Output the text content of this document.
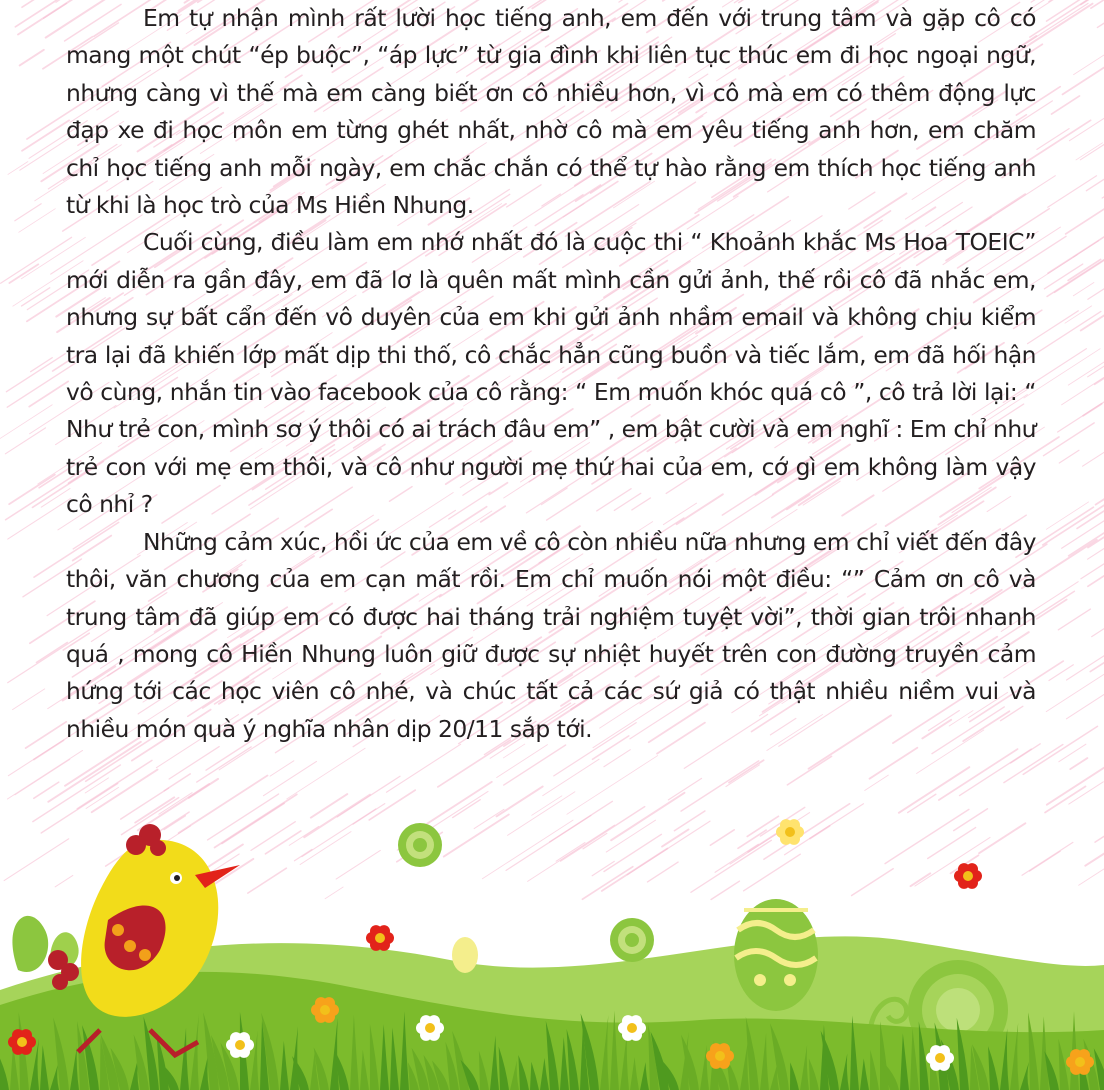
Em tự nhận mình rất lười học tiếng anh, em đến với trung tâm và gặp cô có mang một chút “ép buộc”, “áp lực” từ gia đình khi liên tục thúc em đi học ngoại ngữ, nhưng càng vì thế mà em càng biết ơn cô nhiều hơn, vì cô mà em có thêm động lực đạp xe đi học môn em từng ghét nhất, nhờ cô mà em yêu tiếng anh hơn, em chăm chỉ học tiếng anh mỗi ngày, em chắc chắn có thể tự hào rằng em thích học tiếng anh từ khi là học trò của Ms Hiền Nhung.

Cuối cùng, điều làm em nhớ nhất đó là cuộc thi “ Khoảnh khắc Ms Hoa TOEIC” mới diễn ra gần đây, em đã lơ là quên mất mình cần gửi ảnh, thế rồi cô đã nhắc em, nhưng sự bất cẩn đến vô duyên của em khi gửi ảnh nhầm email và không chịu kiểm tra lại đã khiến lớp mất dịp thi thố, cô chắc hẳn cũng buồn và tiếc lắm, em đã hối hận vô cùng, nhắn tin vào facebook của cô rằng: “ Em muốn khóc quá cô ”, cô trả lời lại: “ Như trẻ con, mình sơ ý thôi có ai trách đâu em” , em bật cười và em nghĩ : Em chỉ như trẻ con với mẹ em thôi, và cô như người mẹ thứ hai của em, cớ gì em không làm vậy cô nhỉ ?

Những cảm xúc, hồi ức của em về cô còn nhiều nữa nhưng em chỉ viết đến đây thôi, văn chương của em cạn mất rồi. Em chỉ muốn nói một điều: “” Cảm ơn cô và trung tâm đã giúp em có được hai tháng trải nghiệm tuyệt vời”, thời gian trôi nhanh quá , mong cô Hiền Nhung luôn giữ được sự nhiệt huyết trên con đường truyền cảm hứng tới các học viên cô nhé, và chúc tất cả các sứ giả có thật nhiều niềm vui và nhiều món quà ý nghĩa nhân dịp 20/11 sắp tới.
